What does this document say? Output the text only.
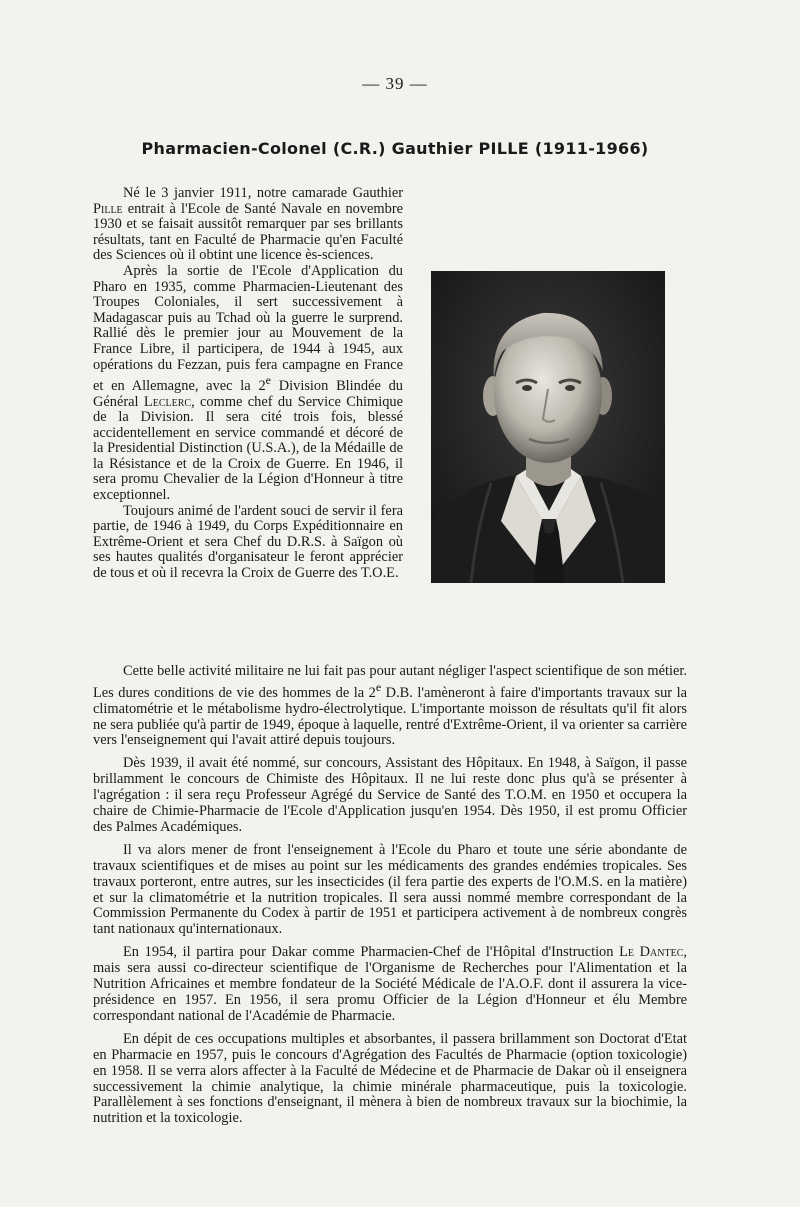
— 39 —
Pharmacien-Colonel (C.R.) Gauthier PILLE (1911-1966)

Né le 3 janvier 1911, notre camarade Gauthier Pille entrait à l'Ecole de Santé Navale en novembre 1930 et se faisait aussitôt remarquer par ses brillants résultats, tant en Faculté de Pharmacie qu'en Faculté des Sciences où il obtint une licence ès-sciences.

Après la sortie de l'Ecole d'Application du Pharo en 1935, comme Pharmacien-Lieutenant des Troupes Coloniales, il sert successivement à Madagascar puis au Tchad où la guerre le surprend. Rallié dès le premier jour au Mouvement de la France Libre, il participera, de 1944 à 1945, aux opérations du Fezzan, puis fera campagne en France et en Allemagne, avec la 2e Division Blindée du Général Leclerc, comme chef du Service Chimique de la Division. Il sera cité trois fois, blessé accidentellement en service commandé et décoré de la Presidential Distinction (U.S.A.), de la Médaille de la Résistance et de la Croix de Guerre. En 1946, il sera promu Chevalier de la Légion d'Honneur à titre exceptionnel.

Toujours animé de l'ardent souci de servir il fera partie, de 1946 à 1949, du Corps Expéditionnaire en Extrême-Orient et sera Chef du D.R.S. à Saïgon où ses hautes qualités d'organisateur le feront apprécier de tous et où il recevra la Croix de Guerre des T.O.E.

Cette belle activité militaire ne lui fait pas pour autant négliger l'aspect scientifique de son métier. Les dures conditions de vie des hommes de la 2e D.B. l'amèneront à faire d'importants travaux sur la climatométrie et le métabolisme hydro-électrolytique. L'importante moisson de résultats qu'il fit alors ne sera publiée qu'à partir de 1949, époque à laquelle, rentré d'Extrême-Orient, il va orienter sa carrière vers l'enseignement qui l'avait attiré depuis toujours.

Dès 1939, il avait été nommé, sur concours, Assistant des Hôpitaux. En 1948, à Saïgon, il passe brillamment le concours de Chimiste des Hôpitaux. Il ne lui reste donc plus qu'à se présenter à l'agrégation : il sera reçu Professeur Agrégé du Service de Santé des T.O.M. en 1950 et occupera la chaire de Chimie-Pharmacie de l'Ecole d'Application jusqu'en 1954. Dès 1950, il est promu Officier des Palmes Académiques.

Il va alors mener de front l'enseignement à l'Ecole du Pharo et toute une série abondante de travaux scientifiques et de mises au point sur les médicaments des grandes endémies tropicales. Ses travaux porteront, entre autres, sur les insecticides (il fera partie des experts de l'O.M.S. en la matière) et sur la climatométrie et la nutrition tropicales. Il sera aussi nommé membre correspondant de la Commission Permanente du Codex à partir de 1951 et participera activement à de nombreux congrès tant nationaux qu'internationaux.

En 1954, il partira pour Dakar comme Pharmacien-Chef de l'Hôpital d'Instruction Le Dantec, mais sera aussi co-directeur scientifique de l'Organisme de Recherches pour l'Alimentation et la Nutrition Africaines et membre fondateur de la Société Médicale de l'A.O.F. dont il assurera la vice-présidence en 1957. En 1956, il sera promu Officier de la Légion d'Honneur et élu Membre correspondant national de l'Académie de Pharmacie.

En dépit de ces occupations multiples et absorbantes, il passera brillamment son Doctorat d'Etat en Pharmacie en 1957, puis le concours d'Agrégation des Facultés de Pharmacie (option toxicologie) en 1958. Il se verra alors affecter à la Faculté de Médecine et de Pharmacie de Dakar où il enseignera successivement la chimie analytique, la chimie minérale pharmaceutique, puis la toxicologie. Parallèlement à ses fonctions d'enseignant, il mènera à bien de nombreux travaux sur la biochimie, la nutrition et la toxicologie.
